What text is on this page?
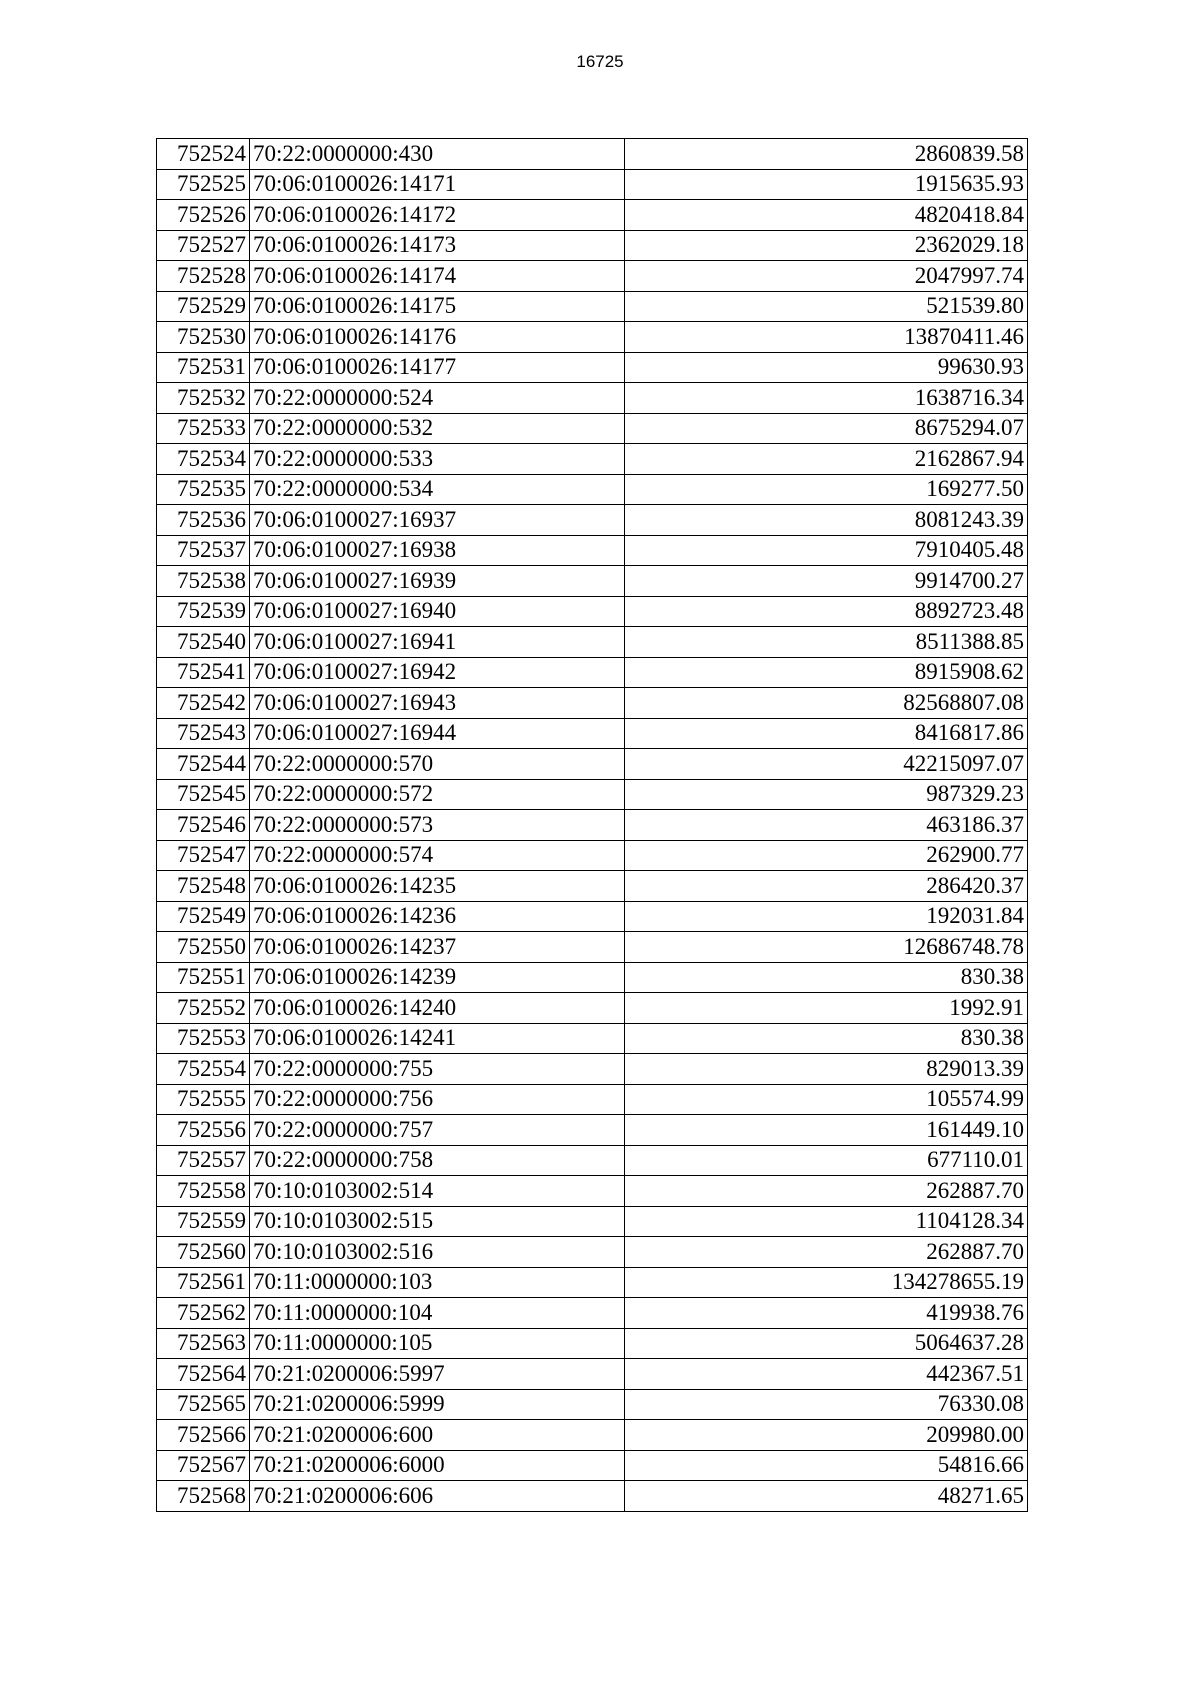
16725
752524	70:22:0000000:430	2860839.58
752525	70:06:0100026:14171	1915635.93
752526	70:06:0100026:14172	4820418.84
752527	70:06:0100026:14173	2362029.18
752528	70:06:0100026:14174	2047997.74
752529	70:06:0100026:14175	521539.80
752530	70:06:0100026:14176	13870411.46
752531	70:06:0100026:14177	99630.93
752532	70:22:0000000:524	1638716.34
752533	70:22:0000000:532	8675294.07
752534	70:22:0000000:533	2162867.94
752535	70:22:0000000:534	169277.50
752536	70:06:0100027:16937	8081243.39
752537	70:06:0100027:16938	7910405.48
752538	70:06:0100027:16939	9914700.27
752539	70:06:0100027:16940	8892723.48
752540	70:06:0100027:16941	8511388.85
752541	70:06:0100027:16942	8915908.62
752542	70:06:0100027:16943	82568807.08
752543	70:06:0100027:16944	8416817.86
752544	70:22:0000000:570	42215097.07
752545	70:22:0000000:572	987329.23
752546	70:22:0000000:573	463186.37
752547	70:22:0000000:574	262900.77
752548	70:06:0100026:14235	286420.37
752549	70:06:0100026:14236	192031.84
752550	70:06:0100026:14237	12686748.78
752551	70:06:0100026:14239	830.38
752552	70:06:0100026:14240	1992.91
752553	70:06:0100026:14241	830.38
752554	70:22:0000000:755	829013.39
752555	70:22:0000000:756	105574.99
752556	70:22:0000000:757	161449.10
752557	70:22:0000000:758	677110.01
752558	70:10:0103002:514	262887.70
752559	70:10:0103002:515	1104128.34
752560	70:10:0103002:516	262887.70
752561	70:11:0000000:103	134278655.19
752562	70:11:0000000:104	419938.76
752563	70:11:0000000:105	5064637.28
752564	70:21:0200006:5997	442367.51
752565	70:21:0200006:5999	76330.08
752566	70:21:0200006:600	209980.00
752567	70:21:0200006:6000	54816.66
752568	70:21:0200006:606	48271.65
